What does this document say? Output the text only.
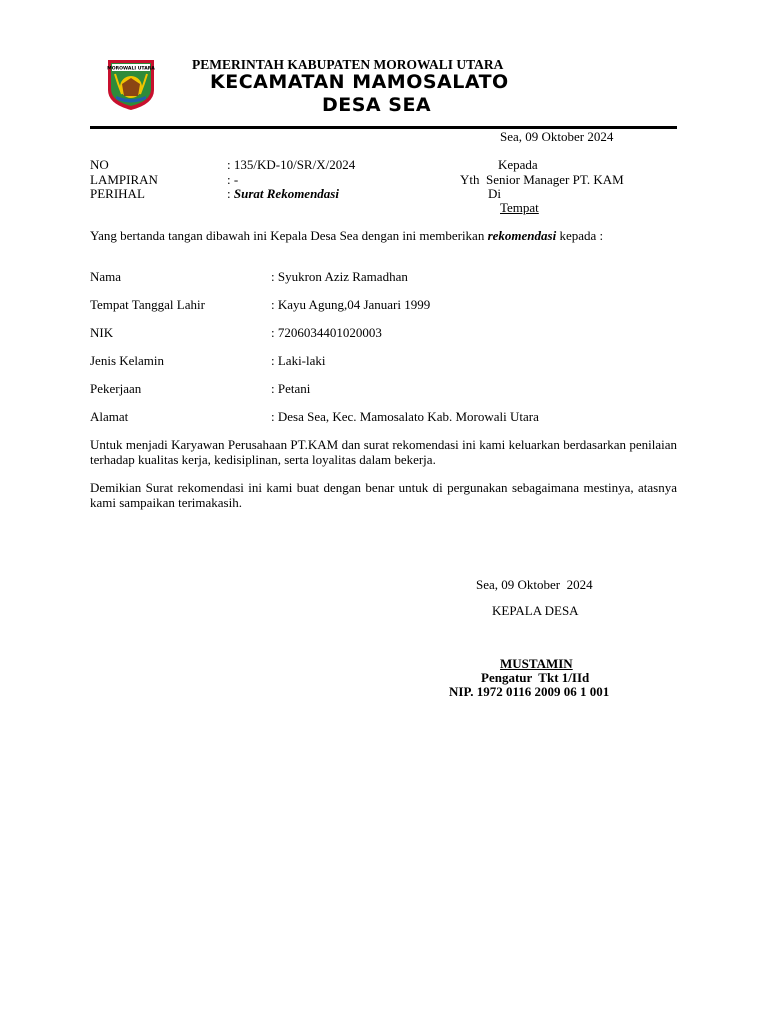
MOROWALI UTARA	PEMERINTAH KABUPATEN MOROWALI UTARA
KECAMATAN MAMOSALATO
DESA SEA
Sea, 09 Oktober 2024
NO	: 135/KD-10/SR/X/2024
LAMPIRAN	: -
PERIHAL	: Surat Rekomendasi
Kepada
Yth  Senior Manager PT. KAM
Di
Tempat
Yang bertanda tangan dibawah ini Kepala Desa Sea dengan ini memberikan rekomendasi kepada :
Nama	: Syukron Aziz Ramadhan
Tempat Tanggal Lahir	: Kayu Agung,04 Januari 1999
NIK	: 7206034401020003
Jenis Kelamin	: Laki-laki
Pekerjaan	: Petani
Alamat	: Desa Sea, Kec. Mamosalato Kab. Morowali Utara
Untuk menjadi Karyawan Perusahaan PT.KAM dan surat rekomendasi ini kami keluarkan berdasarkan penilaian terhadap kualitas kerja, kedisiplinan, serta loyalitas dalam bekerja.
Demikian Surat rekomendasi ini kami buat dengan benar untuk di pergunakan sebagaimana mestinya, atasnya kami sampaikan terimakasih.
Sea, 09 Oktober  2024
KEPALA DESA
MUSTAMIN
Pengatur  Tkt 1/IId
NIP. 1972 0116 2009 06 1 001
